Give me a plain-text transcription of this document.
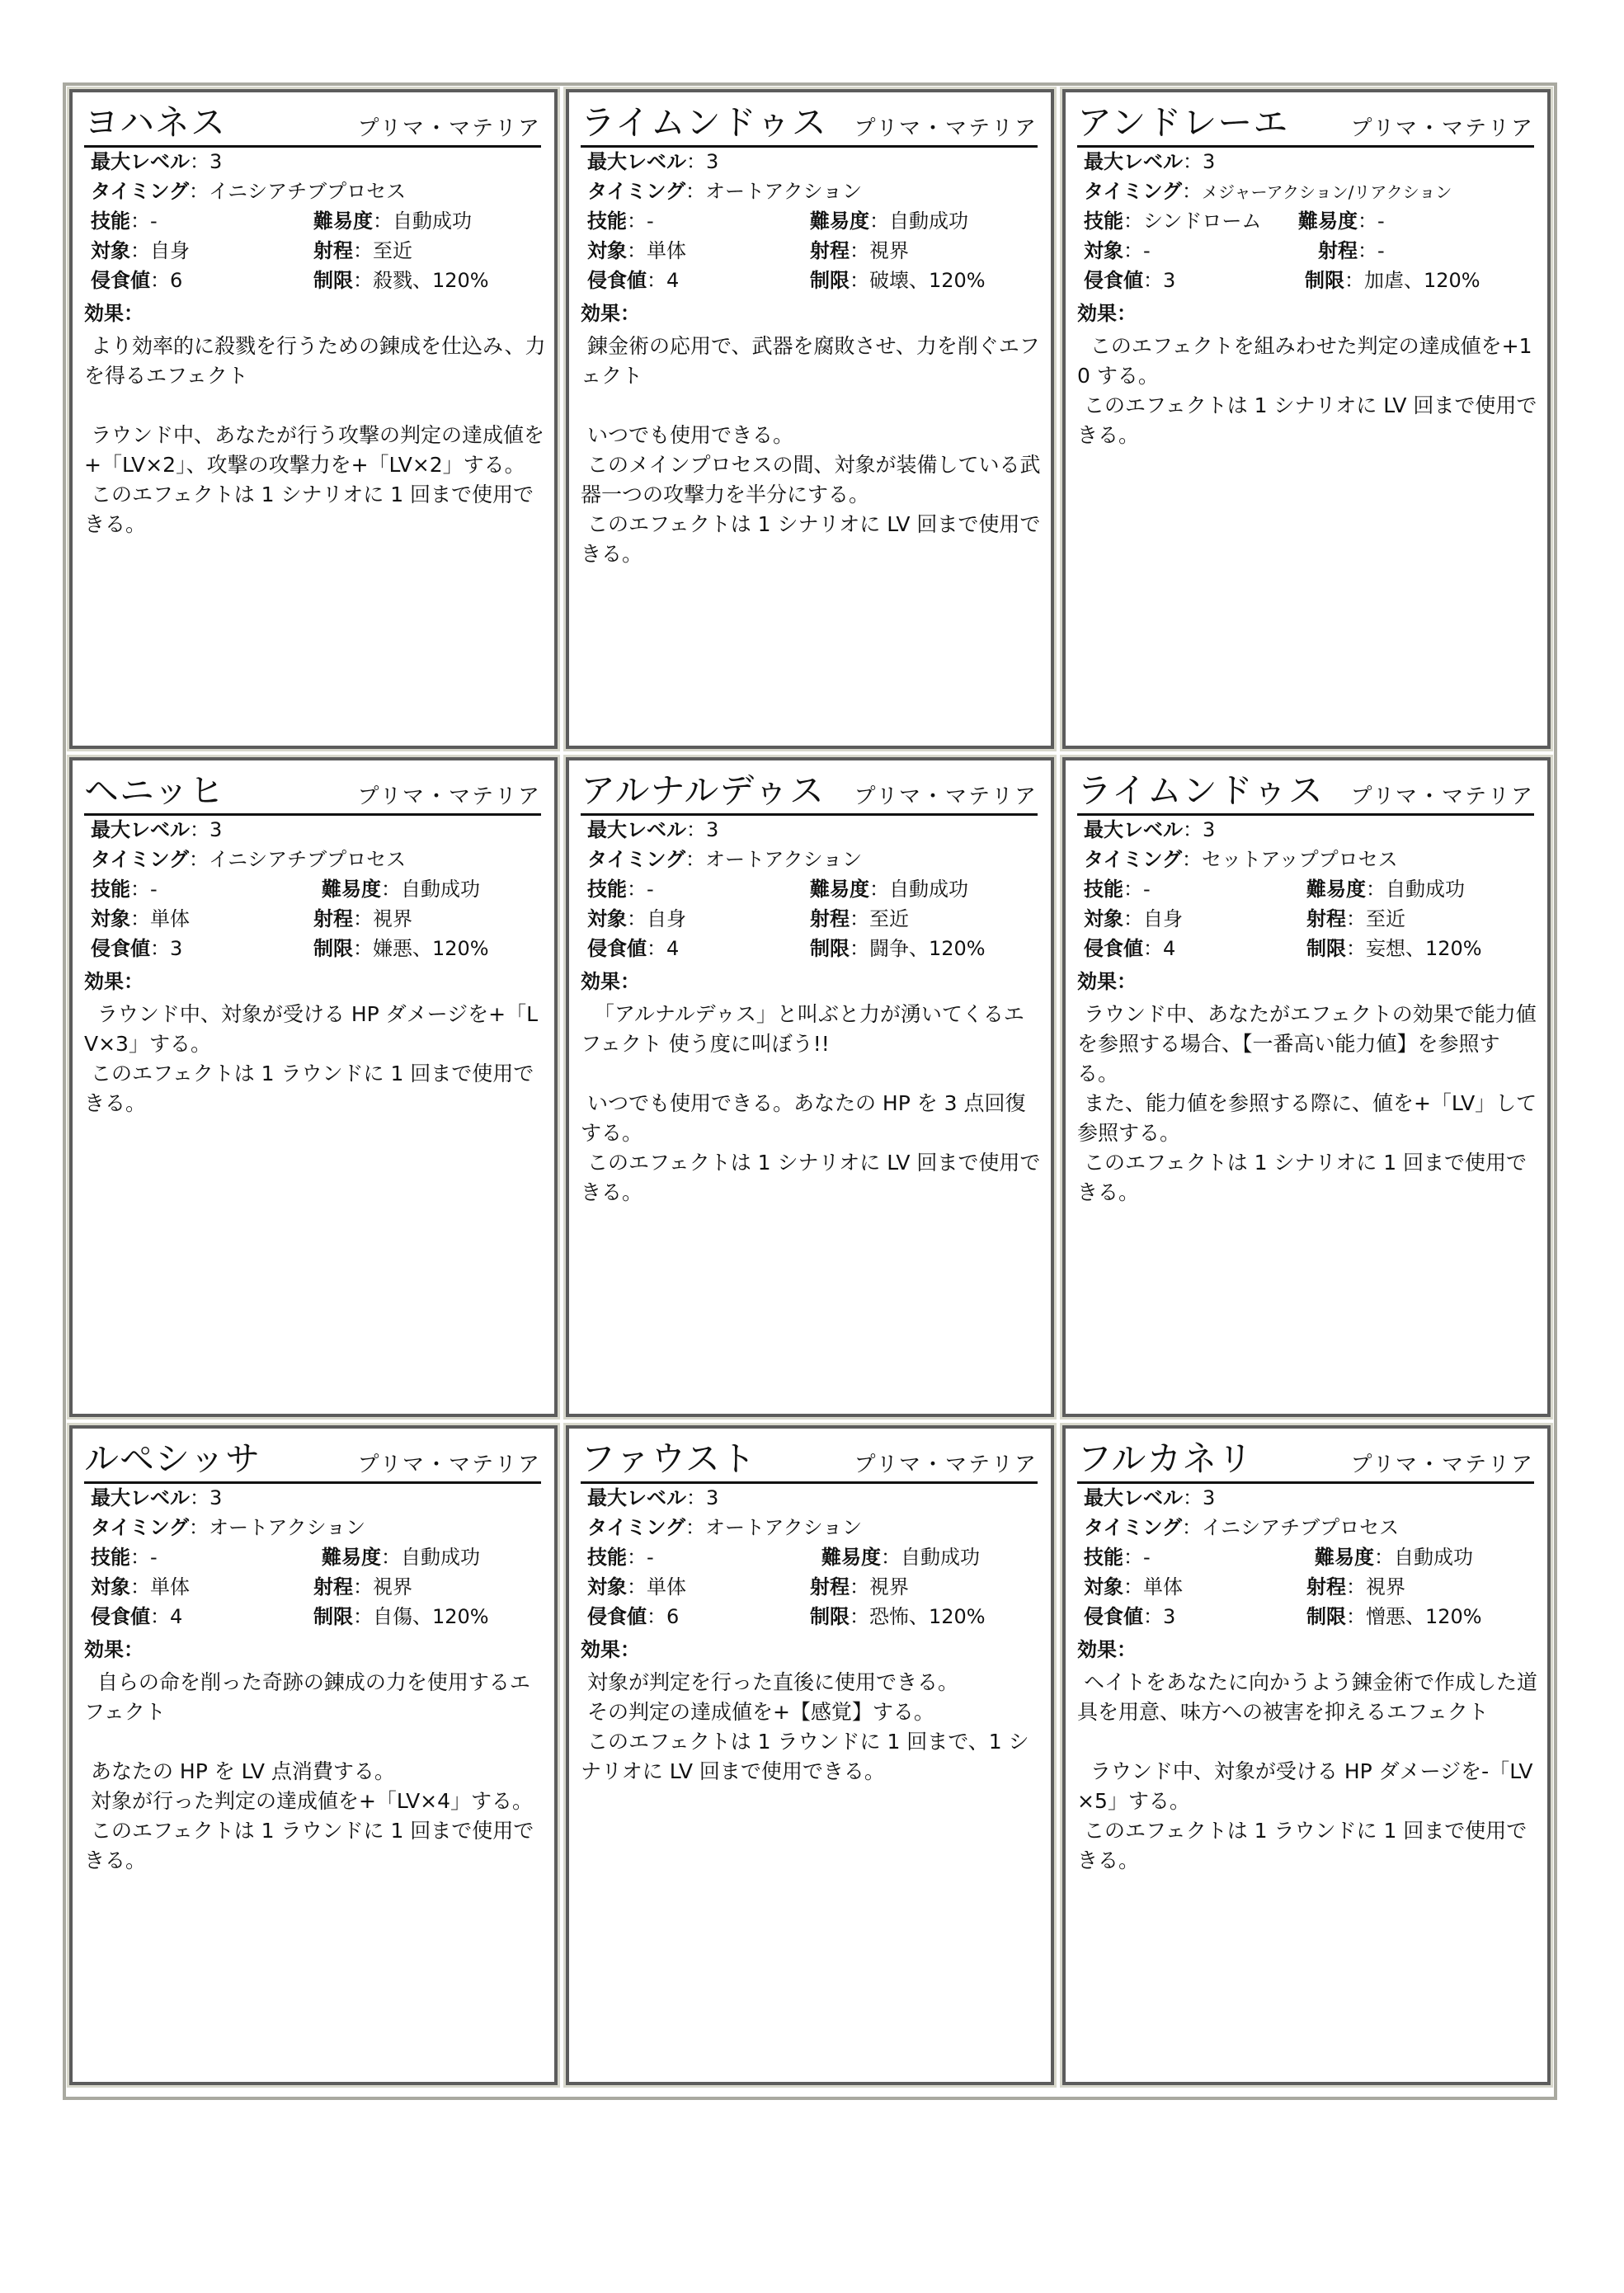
ヨハネス	プリマ・マテリア
最大レベル：3
タイミング：イニシアチブプロセス
技能：-	難易度：自動成功
対象：自身	射程：至近
侵食値：6	制限：殺戮、120%
効果：
より効率的に殺戮を行うための錬成を仕込み、力を得るエフェクト

ラウンド中、あなたが行う攻撃の判定の達成値を+「LV×2」、攻撃の攻撃力を+「LV×2」する。
このエフェクトは 1 シナリオに 1 回まで使用できる。
ライムンドゥス プリマ・マテリア
最大レベル：3
タイミング：オートアクション
技能：-	難易度：自動成功
対象：単体	射程：視界
侵食値：4	制限：破壊、120%
効果：
錬金術の応用で、武器を腐敗させ、力を削ぐエフェクト

いつでも使用できる。
このメインプロセスの間、対象が装備している武器一つの攻撃力を半分にする。
このエフェクトは 1 シナリオに LV 回まで使用できる。
アンドレーエ	プリマ・マテリア
最大レベル：3
タイミング：メジャーアクション/リアクション
技能：シンドローム 難易度：-
対象：-	射程：-
侵食値：3	制限：加虐、120%
効果：
このエフェクトを組みわせた判定の達成値を+10 する。
このエフェクトは 1 シナリオに LV 回まで使用できる。
ヘニッヒ	プリマ・マテリア
最大レベル：3
タイミング：イニシアチブプロセス
技能：-	難易度：自動成功
対象：単体	射程：視界
侵食値：3	制限：嫌悪、120%
効果：
ラウンド中、対象が受ける HP ダメージを+「LV×3」する。
このエフェクトは 1 ラウンドに 1 回まで使用できる。
アルナルデゥス プリマ・マテリア
最大レベル：3
タイミング：オートアクション
技能：-	難易度：自動成功
対象：自身	射程：至近
侵食値：4	制限：闘争、120%
効果：
「アルナルデゥス」と叫ぶと力が湧いてくるエフェクト 使う度に叫ぼう!!

いつでも使用できる。あなたの HP を 3 点回復する。
このエフェクトは 1 シナリオに LV 回まで使用できる。
ライムンドゥス プリマ・マテリア
最大レベル：3
タイミング：セットアッププロセス
技能：-	難易度：自動成功
対象：自身	射程：至近
侵食値：4	制限：妄想、120%
効果：
ラウンド中、あなたがエフェクトの効果で能力値を参照する場合、【一番高い能力値】を参照する。
また、能力値を参照する際に、値を+「LV」して参照する。
このエフェクトは 1 シナリオに 1 回まで使用できる。
ルペシッサ	プリマ・マテリア
最大レベル：3
タイミング：オートアクション
技能：-	難易度：自動成功
対象：単体	射程：視界
侵食値：4	制限：自傷、120%
効果：
自らの命を削った奇跡の錬成の力を使用するエフェクト

あなたの HP を LV 点消費する。
対象が行った判定の達成値を+「LV×4」する。
このエフェクトは 1 ラウンドに 1 回まで使用できる。
ファウスト	プリマ・マテリア
最大レベル：3
タイミング：オートアクション
技能：-	難易度：自動成功
対象：単体	射程：視界
侵食値：6	制限：恐怖、120%
効果：
対象が判定を行った直後に使用できる。
その判定の達成値を+【感覚】する。
このエフェクトは 1 ラウンドに 1 回まで、1 シナリオに LV 回まで使用できる。
フルカネリ	プリマ・マテリア
最大レベル：3
タイミング：イニシアチブプロセス
技能：-	難易度：自動成功
対象：単体	射程：視界
侵食値：3	制限：憎悪、120%
効果：
ヘイトをあなたに向かうよう錬金術で作成した道具を用意、味方への被害を抑えるエフェクト

ラウンド中、対象が受ける HP ダメージを-「LV×5」する。
このエフェクトは 1 ラウンドに 1 回まで使用できる。
